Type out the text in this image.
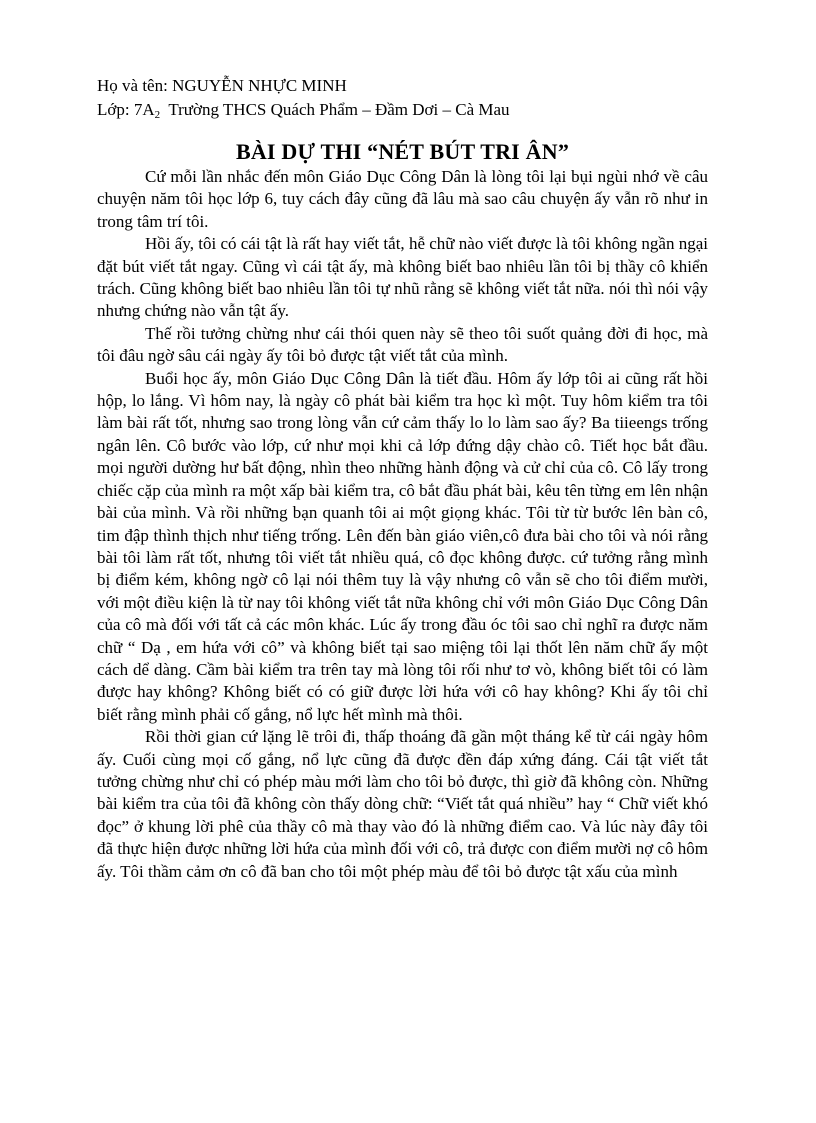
Họ và tên: NGUYỄN NHỰC MINH
Lớp: $7A_2$ Trường THCS Quách Phẩm – Đầm Dơi – Cà Mau
BÀI DỰ THI “NÉT BÚT TRI ÂN”

Cứ mỗi lần nhắc đến môn Giáo Dục Công Dân là lòng tôi lại bụi ngùi nhớ về câu chuyện năm tôi học lớp 6, tuy cách đây cũng đã lâu mà sao câu chuyện ấy vẫn rõ như in trong tâm trí tôi.

Hồi ấy, tôi có cái tật là rất hay viết tắt, hễ chữ nào viết được là tôi không ngần ngại đặt bút viết tắt ngay. Cũng vì cái tật ấy, mà không biết bao nhiêu lần tôi bị thầy cô khiển trách. Cũng không biết bao nhiêu lần tôi tự nhũ rằng sẽ không viết tắt nữa. nói thì nói vậy nhưng chứng nào vẫn tật ấy.

Thế rồi tưởng chừng như cái thói quen này sẽ theo tôi suốt quảng đời đi học, mà tôi đâu ngờ sâu cái ngày ấy tôi bỏ được tật viết tắt của mình.

Buổi học ấy, môn Giáo Dục Công Dân là tiết đầu. Hôm ấy lớp tôi ai cũng rất hồi hộp, lo lắng. Vì hôm nay, là ngày cô phát bài kiểm tra học kì một. Tuy hôm kiểm tra tôi làm bài rất tốt, nhưng sao trong lòng vẫn cứ cảm thấy lo lo làm sao ấy? Ba tiieengs trống ngân lên. Cô bước vào lớp, cứ như mọi khi cả lớp đứng dậy chào cô. Tiết học bắt đầu. mọi người dường hư bất động, nhìn theo những hành động và cử chỉ của cô. Cô lấy trong chiếc cặp của mình ra một xấp bài kiểm tra, cô bắt đầu phát bài, kêu tên từng em lên nhận bài của mình. Và rồi những bạn quanh tôi ai một giọng khác. Tôi từ từ bước lên bàn cô, tim đập thình thịch như tiếng trống. Lên đến bàn giáo viên,cô đưa bài cho tôi và nói rằng bài tôi làm rất tốt, nhưng tôi viết tắt nhiều quá, cô đọc không được. cứ tưởng rằng mình bị điểm kém, không ngờ cô lại nói thêm tuy là vậy nhưng cô vẫn sẽ cho tôi điểm mười, với một điều kiện là từ nay tôi không viết tắt nữa không chỉ với môn Giáo Dục Công Dân của cô mà đối với tất cả các môn khác. Lúc ấy trong đầu óc tôi sao chỉ nghĩ ra được năm chữ “ Dạ , em hứa với cô” và không biết tại sao miệng tôi lại thốt lên năm chữ ấy một cách dể dàng. Cầm bài kiểm tra trên tay mà lòng tôi rối như tơ vò, không biết tôi có làm được hay không? Không biết có có giữ được lời hứa với cô hay không? Khi ấy tôi chỉ biết rằng mình phải cố gắng, nổ lực hết mình mà thôi.

Rồi thời gian cứ lặng lẽ trôi đi, thấp thoáng đã gần một tháng kể từ cái ngày hôm ấy. Cuối cùng mọi cố gắng, nổ lực cũng đã được đền đáp xứng đáng. Cái tật viết tắt tưởng chừng như chỉ có phép màu mới làm cho tôi bỏ được, thì giờ đã không còn. Những bài kiểm tra của tôi đã không còn thấy dòng chữ: “Viết tắt quá nhiều” hay “ Chữ viết khó đọc” ở khung lời phê của thầy cô mà thay vào đó là những điểm cao. Và lúc này đây tôi đã thực hiện được những lời hứa của mình đối với cô, trả được con điểm mười nợ cô hôm ấy. Tôi thầm cảm ơn cô đã ban cho tôi một phép màu để tôi bỏ được tật xấu của mình
